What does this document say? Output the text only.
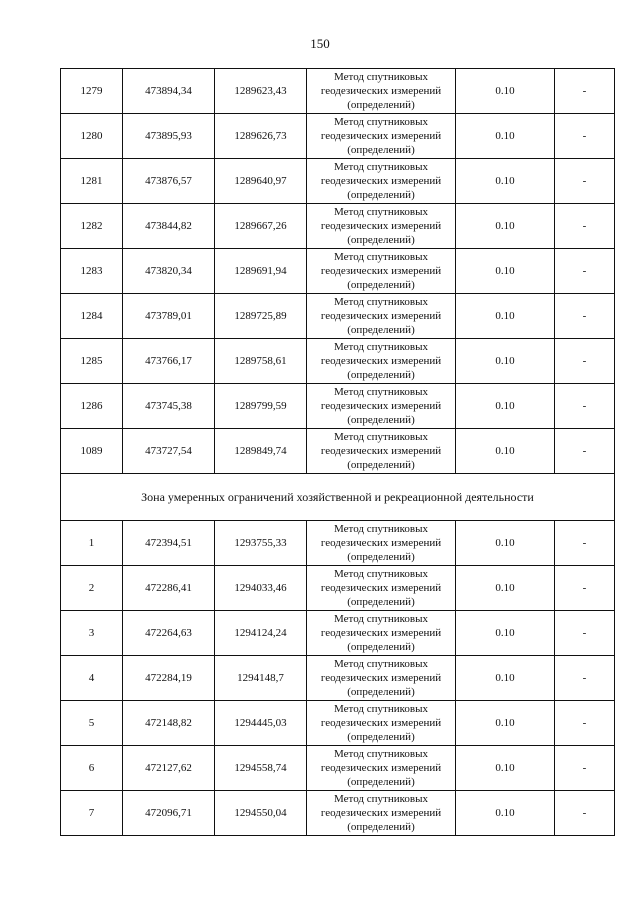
150
1279	473894,34	1289623,43	Метод спутниковых
геодезических измерений
(определений)	0.10	-
1280	473895,93	1289626,73	Метод спутниковых
геодезических измерений
(определений)	0.10	-
1281	473876,57	1289640,97	Метод спутниковых
геодезических измерений
(определений)	0.10	-
1282	473844,82	1289667,26	Метод спутниковых
геодезических измерений
(определений)	0.10	-
1283	473820,34	1289691,94	Метод спутниковых
геодезических измерений
(определений)	0.10	-
1284	473789,01	1289725,89	Метод спутниковых
геодезических измерений
(определений)	0.10	-
1285	473766,17	1289758,61	Метод спутниковых
геодезических измерений
(определений)	0.10	-
1286	473745,38	1289799,59	Метод спутниковых
геодезических измерений
(определений)	0.10	-
1089	473727,54	1289849,74	Метод спутниковых
геодезических измерений
(определений)	0.10	-
Зона умеренных ограничений хозяйственной и рекреационной деятельности					
1	472394,51	1293755,33	Метод спутниковых
геодезических измерений
(определений)	0.10	-
2	472286,41	1294033,46	Метод спутниковых
геодезических измерений
(определений)	0.10	-
3	472264,63	1294124,24	Метод спутниковых
геодезических измерений
(определений)	0.10	-
4	472284,19	1294148,7	Метод спутниковых
геодезических измерений
(определений)	0.10	-
5	472148,82	1294445,03	Метод спутниковых
геодезических измерений
(определений)	0.10	-
6	472127,62	1294558,74	Метод спутниковых
геодезических измерений
(определений)	0.10	-
7	472096,71	1294550,04	Метод спутниковых
геодезических измерений
(определений)	0.10	-
